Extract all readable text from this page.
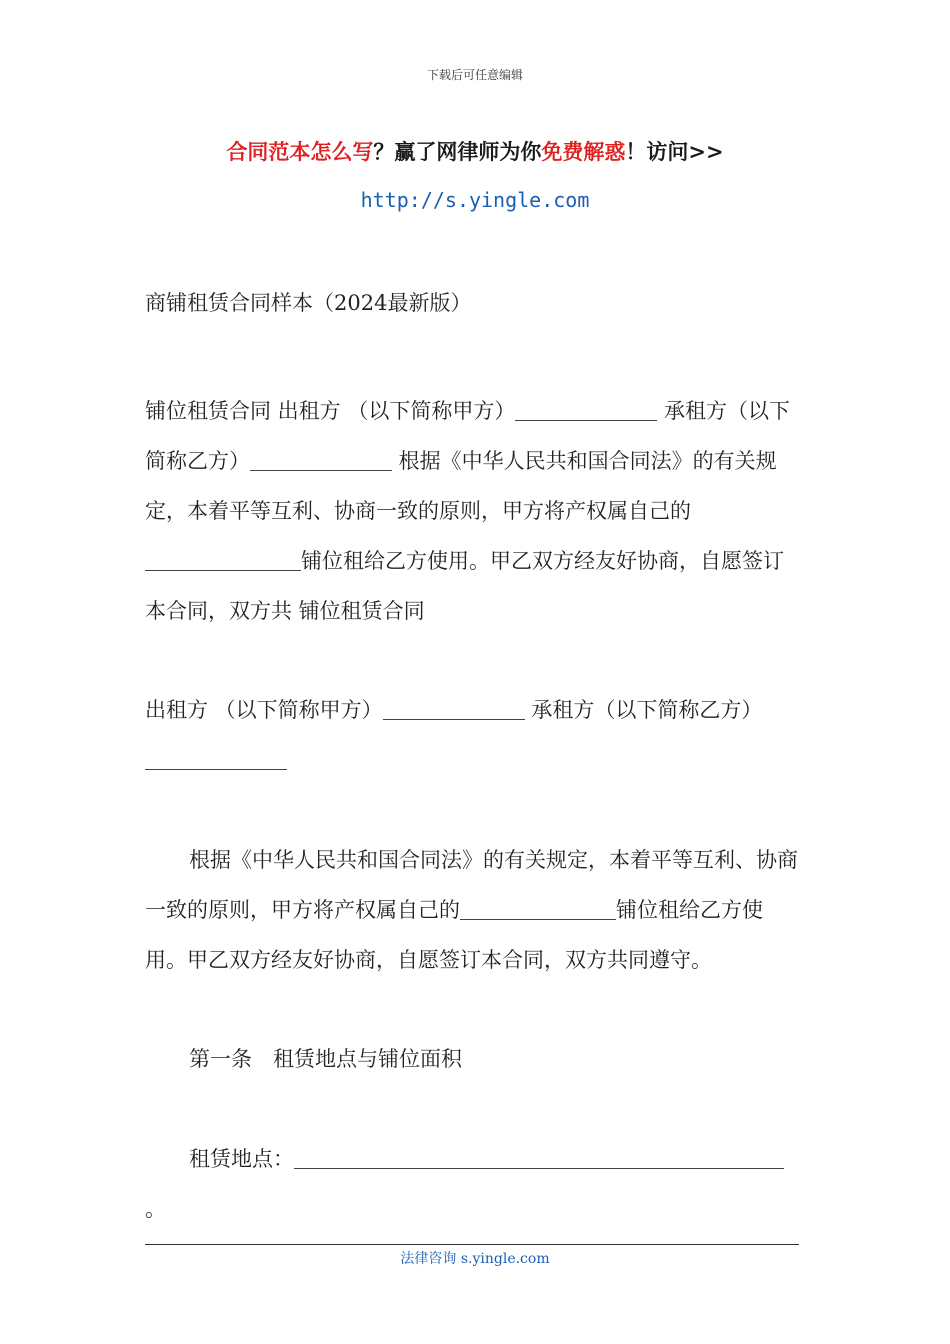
下载后可任意编辑
合同范本怎么写？赢了网律师为你免费解惑！访问>>
http://s.yingle.com
商铺租赁合同样本（2024最新版）
铺位租赁合同 出租方 （以下简称甲方）	承租方（以下简称乙方）	根据《中华人民共和国合同法》的有关规定，本着平等互利、协商一致的原则，甲方将产权属自己的铺位租给乙方使用。甲乙双方经友好协商，自愿签订本合同，双方共 铺位租赁合同
出租方 （以下简称甲方）	承租方（以下简称乙方）
根据《中华人民共和国合同法》的有关规定，本着平等互利、协商一致的原则，甲方将产权属自己的	铺位租给乙方使用。甲乙双方经友好协商，自愿签订本合同，双方共同遵守。
第一条　租赁地点与铺位面积
租赁地点：。
法律咨询 s.yingle.com
